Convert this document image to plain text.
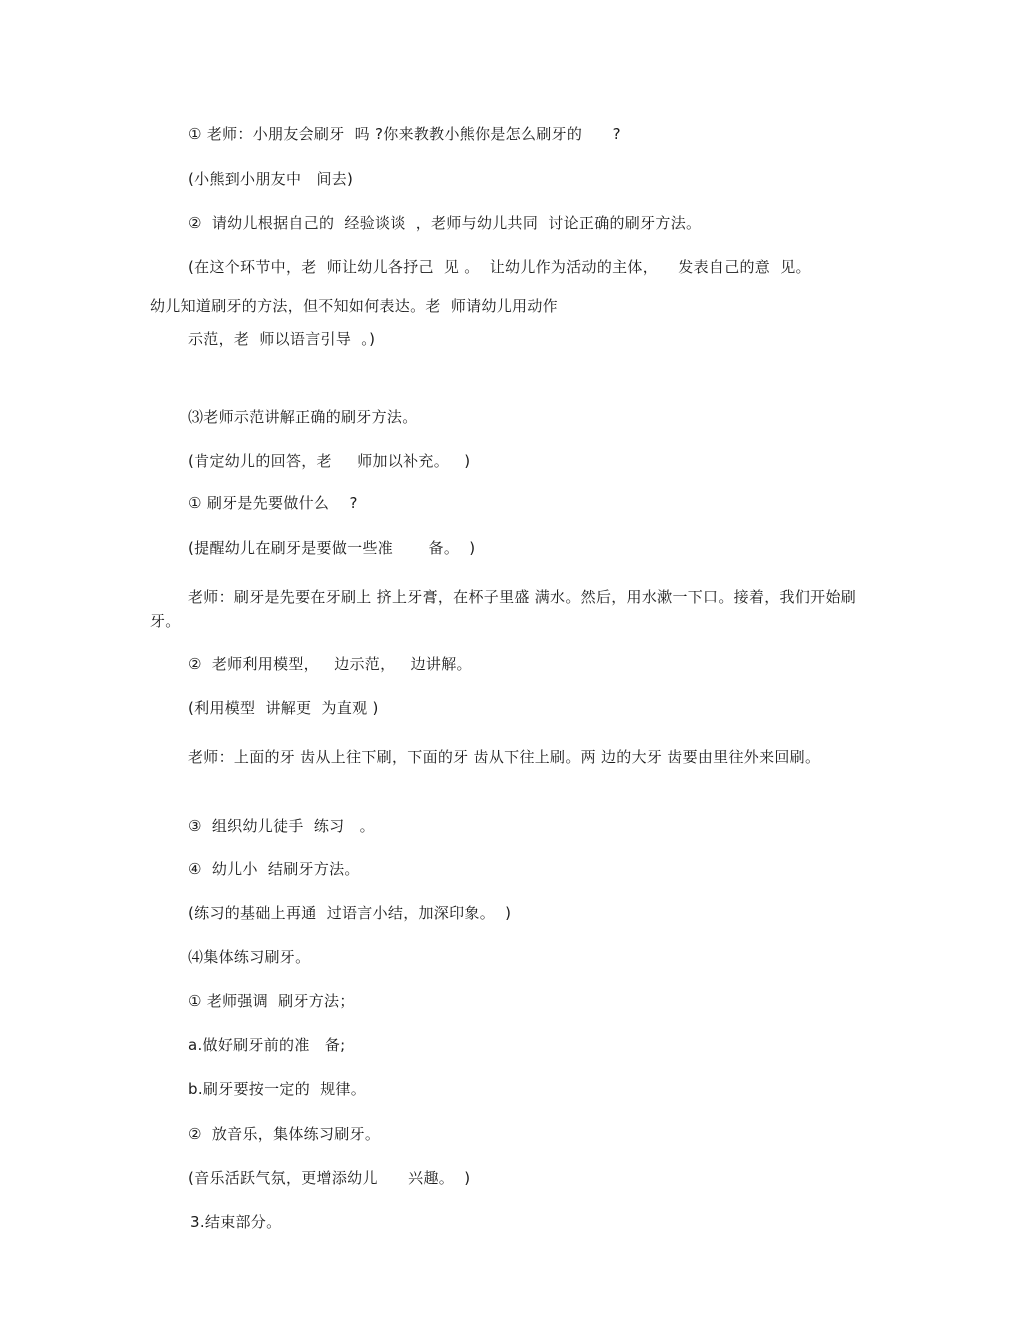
① 老师：小朋友会刷牙  吗 ?你来教教小熊你是怎么刷牙的      ?
(小熊到小朋友中   间去)
②  请幼儿根据自己的  经验谈谈  ，老师与幼儿共同  讨论正确的刷牙方法。
(在这个环节中，老  师让幼儿各抒己  见 。  让幼儿作为活动的主体，    发表自己的意  见。
幼儿知道刷牙的方法，但不知如何表达。老  师请幼儿用动作
示范，老  师以语言引导  。)
⑶老师示范讲解正确的刷牙方法。
(肯定幼儿的回答，老     师加以补充。   )
① 刷牙是先要做什么    ?
(提醒幼儿在刷牙是要做一些准       备。  )
老师：刷牙是先要在牙刷上 挤上牙膏，在杯子里盛 满水。然后，用水漱一下口。接着，我们开始刷牙。
②  老师利用模型，   边示范，   边讲解。
(利用模型  讲解更  为直观 )
老师：上面的牙 齿从上往下刷，下面的牙 齿从下往上刷。两 边的大牙 齿要由里往外来回刷。
③  组织幼儿徒手  练习   。
④  幼儿小  结刷牙方法。
(练习的基础上再通  过语言小结，加深印象。  )
⑷集体练习刷牙。
① 老师强调  刷牙方法；
a.做好刷牙前的准   备;
b.刷牙要按一定的  规律。
②  放音乐，集体练习刷牙。
(音乐活跃气氛，更增添幼儿      兴趣。  )
3.结束部分。
